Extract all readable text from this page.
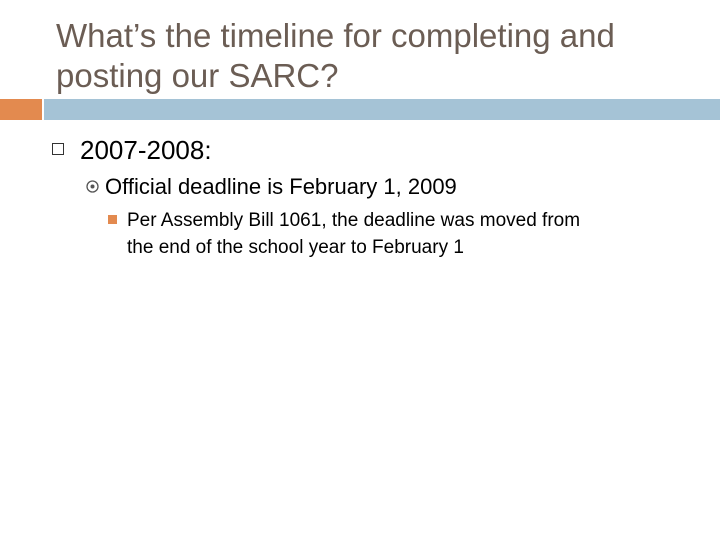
What’s the timeline for completing and
posting our SARC?
2007-2008:
Official deadline is February 1, 2009
Per Assembly Bill 1061, the deadline was moved from
the end of the school year to February 1
